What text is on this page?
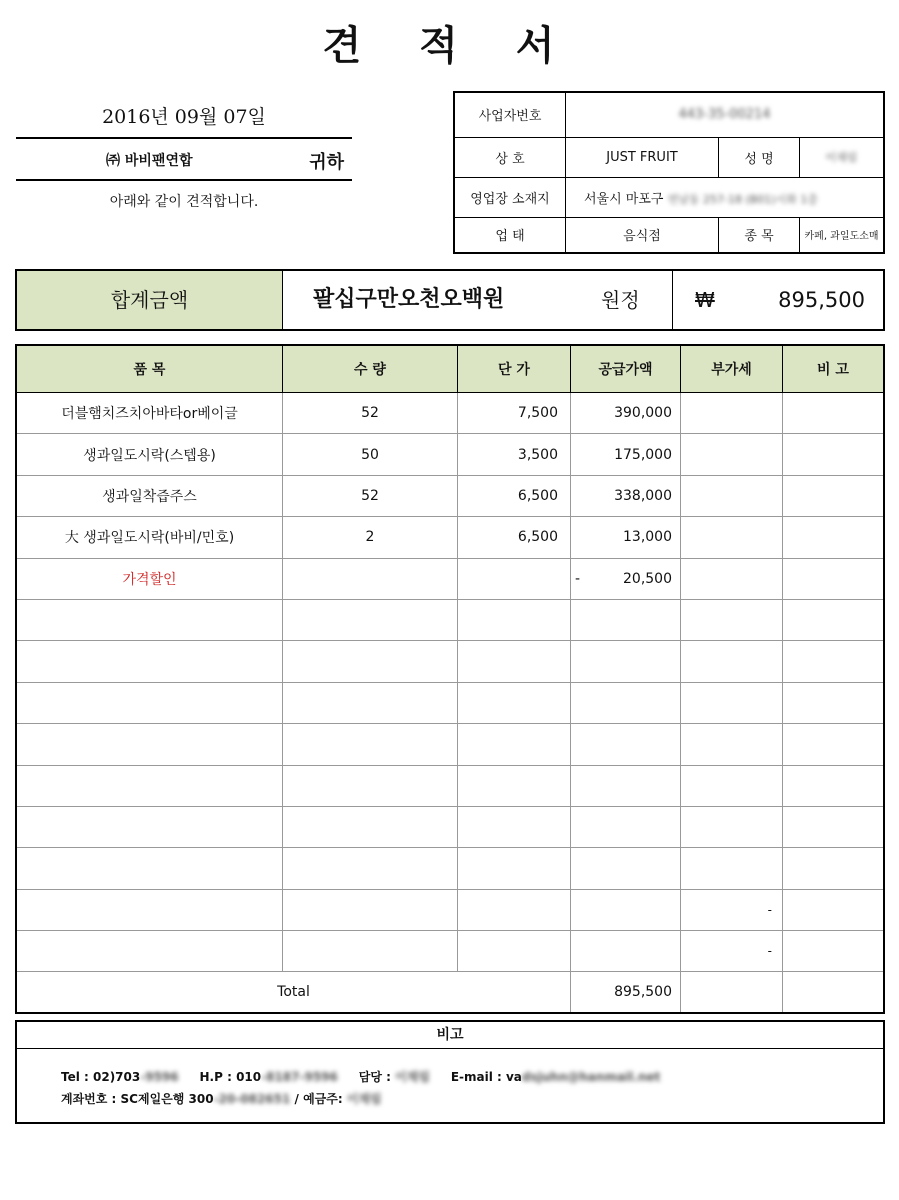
견 적 서
2016년 09월 07일
㈜ 바비팬연합	귀하
아래와 같이 견적합니다.
사업자번호	443-35-00214		
상 호	JUST FRUIT	성 명	이채림
영업장 소재지	서울시 마포구 연남동 257-18 (B01)시화 1층		
업 태	음식점	종 목	카페, 과일도소매
합계금액	팔십구만오천오백원	원정	₩	895,500
품 목	수 량	단 가	공급가액	부가세	비 고
더블햄치즈치아바타or베이글	52	7,500	390,000		
생과일도시락(스텝용)	50	3,500	175,000		
생과일착즙주스	52	6,500	338,000		
大 생과일도시락(바비/민호)	2	6,500	13,000		
가격할인			- 20,500		

				-	
				-	
Total			895,500		
비고
Tel : 02)703-9596 H.P : 010-8187-9596 담당 : 이채림 E-mail : vadsjuhn@hanmail.net
계좌번호 : SC제일은행 300-20-082651 / 예금주: 이채림
